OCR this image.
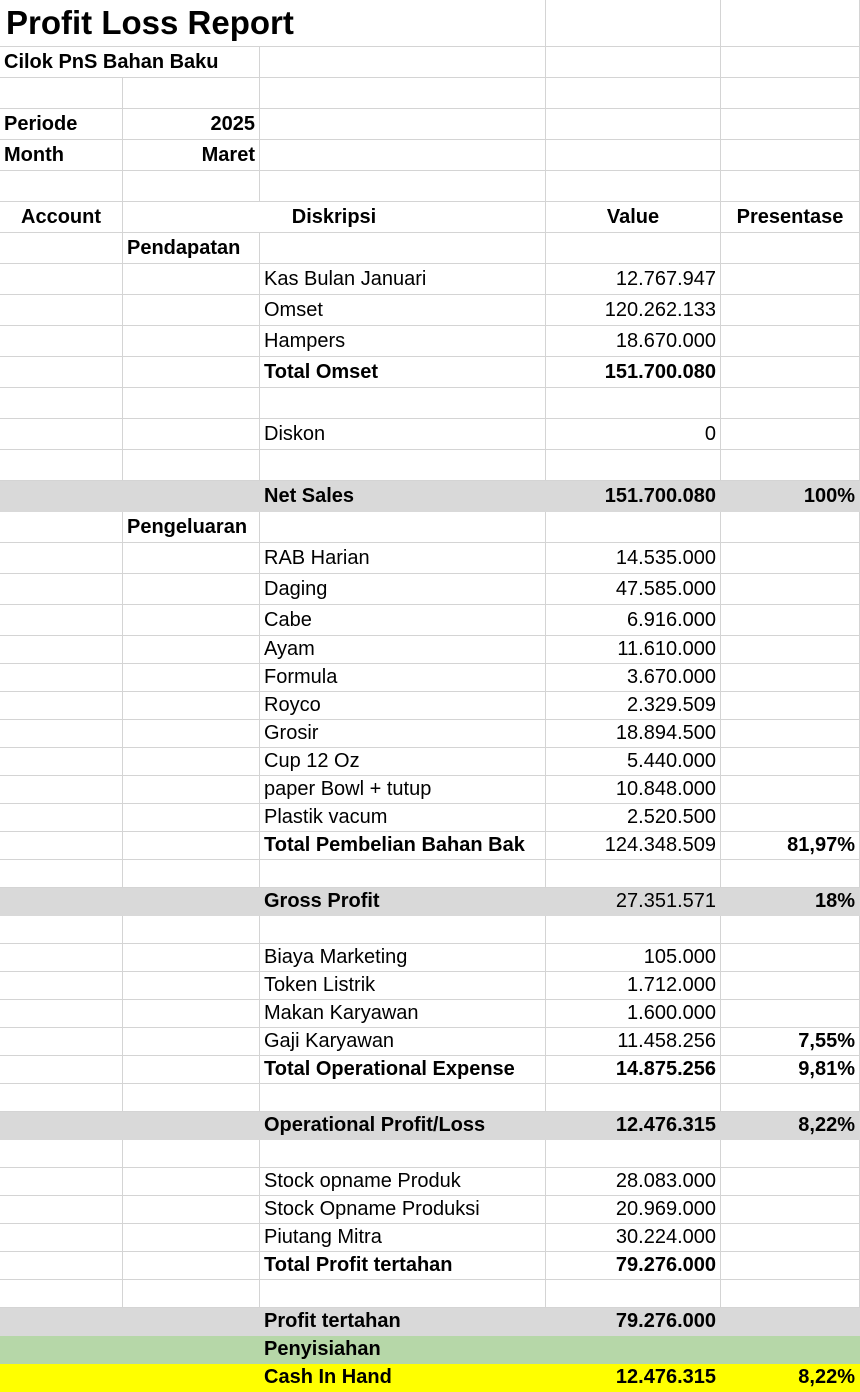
Profit Loss Report
Cilok PnS Bahan Baku
Periode	2025
Month	Maret
Account	Diskripsi	Value	Presentase
Pendapatan
Kas Bulan Januari	12.767.947
Omset	120.262.133
Hampers	18.670.000
Total Omset	151.700.080
Diskon	0
Net Sales	151.700.080	100%
Pengeluaran
RAB Harian	14.535.000
Daging	47.585.000
Cabe	6.916.000
Ayam	11.610.000
Formula	3.670.000
Royco	2.329.509
Grosir	18.894.500
Cup 12 Oz	5.440.000
paper Bowl + tutup	10.848.000
Plastik vacum	2.520.500
Total Pembelian Bahan Bak	124.348.509	81,97%
Gross Profit	27.351.571	18%
Biaya Marketing	105.000
Token Listrik	1.712.000
Makan Karyawan	1.600.000
Gaji Karyawan	11.458.256	7,55%
Total Operational Expense	14.875.256	9,81%
Operational Profit/Loss	12.476.315	8,22%
Stock opname Produk	28.083.000
Stock Opname Produksi	20.969.000
Piutang Mitra	30.224.000
Total Profit tertahan	79.276.000
Profit tertahan	79.276.000
Penyisiahan
Cash In Hand	12.476.315	8,22%
